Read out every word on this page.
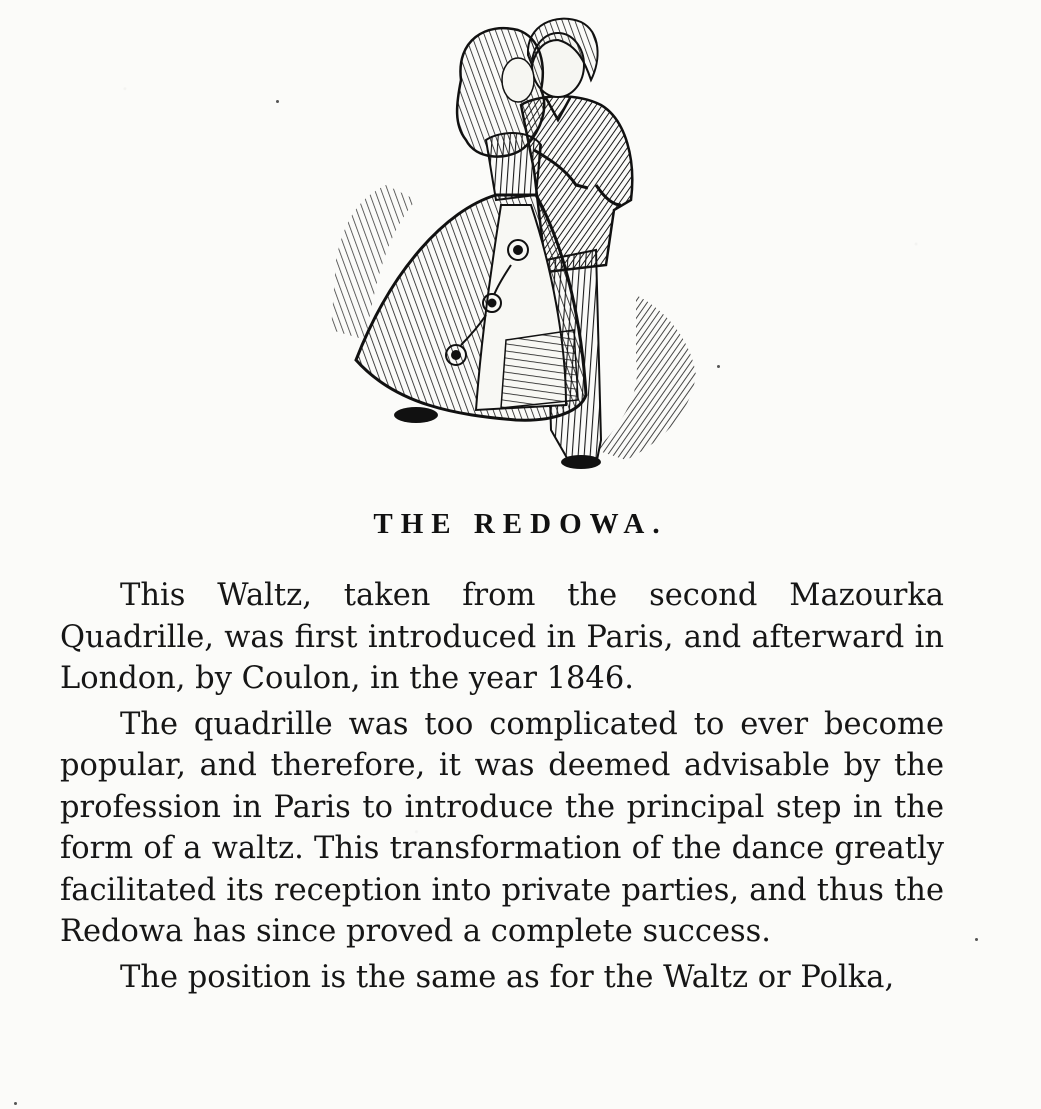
THE REDOWA.

This Waltz, taken from the second Mazourka Quadrille, was first introduced in Paris, and afterward in London, by Coulon, in the year 1846.

The quadrille was too complicated to ever become popular, and therefore, it was deemed advisable by the profession in Paris to introduce the principal step in the form of a waltz. This transformation of the dance greatly facilitated its reception into private parties, and thus the Redowa has since proved a complete success.

The position is the same as for the Waltz or Polka,
